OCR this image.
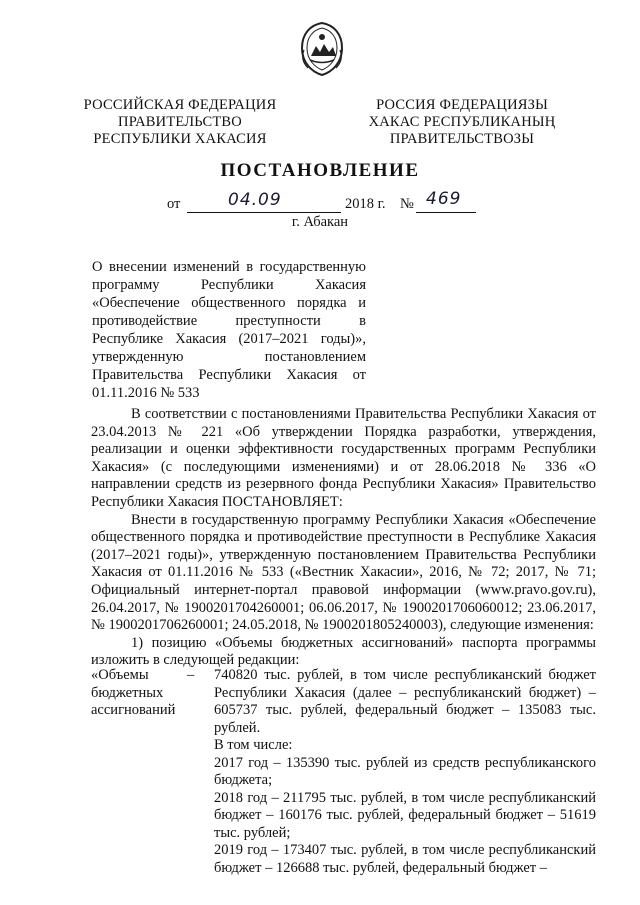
РОССИЙСКАЯ ФЕДЕРАЦИЯ
ПРАВИТЕЛЬСТВО
РЕСПУБЛИКИ ХАКАСИЯ
РОССИЯ ФЕДЕРАЦИЯЗЫ
ХАКАС РЕСПУБЛИКАНЫҢ
ПРАВИТЕЛЬСТВОЗЫ
ПОСТАНОВЛЕНИЕ
от	04.09	2018 г. № 469
г. Абакан
О внесении изменений в государственную программу Республики Хакасия «Обеспечение общественного порядка и противодействие преступности в Республике Хакасия (2017–2021 годы)», утвержденную постановлением Правительства Республики Хакасия от 01.11.2016 № 533

В соответствии с постановлениями Правительства Республики Хакасия от 23.04.2013 № 221 «Об утверждении Порядка разработки, утверждения, реализации и оценки эффективности государственных программ Республики Хакасия» (с последующими изменениями) и от 28.06.2018 № 336 «О направлении средств из резервного фонда Республики Хакасия» Правительство Республики Хакасия ПОСТАНОВЛЯЕТ:

Внести в государственную программу Республики Хакасия «Обеспечение общественного порядка и противодействие преступности в Республике Хакасия (2017–2021 годы)», утвержденную постановлением Правительства Республики Хакасия от 01.11.2016 № 533 («Вестник Хакасии», 2016, № 72; 2017, № 71; Официальный интернет-портал правовой информации (www.pravo.gov.ru), 26.04.2017, № 1900201704260001; 06.06.2017, № 1900201706060012; 23.06.2017, № 1900201706260001; 24.05.2018, № 1900201805240003), следующие изменения:

1) позицию «Объемы бюджетных ассигнований» паспорта программы изложить в следующей редакции:

«Объемы бюджетных ассигнований
– 740820 тыс. рублей, в том числе республиканский бюджет Республики Хакасия (далее – республиканский бюджет) – 605737 тыс. рублей, федеральный бюджет – 135083 тыс. рублей.

В том числе:

2017 год – 135390 тыс. рублей из средств республиканского бюджета;

2018 год – 211795 тыс. рублей, в том числе республиканский бюджет – 160176 тыс. рублей, федеральный бюджет – 51619 тыс. рублей;

2019 год – 173407 тыс. рублей, в том числе республиканский бюджет – 126688 тыс. рублей, федеральный бюджет –
